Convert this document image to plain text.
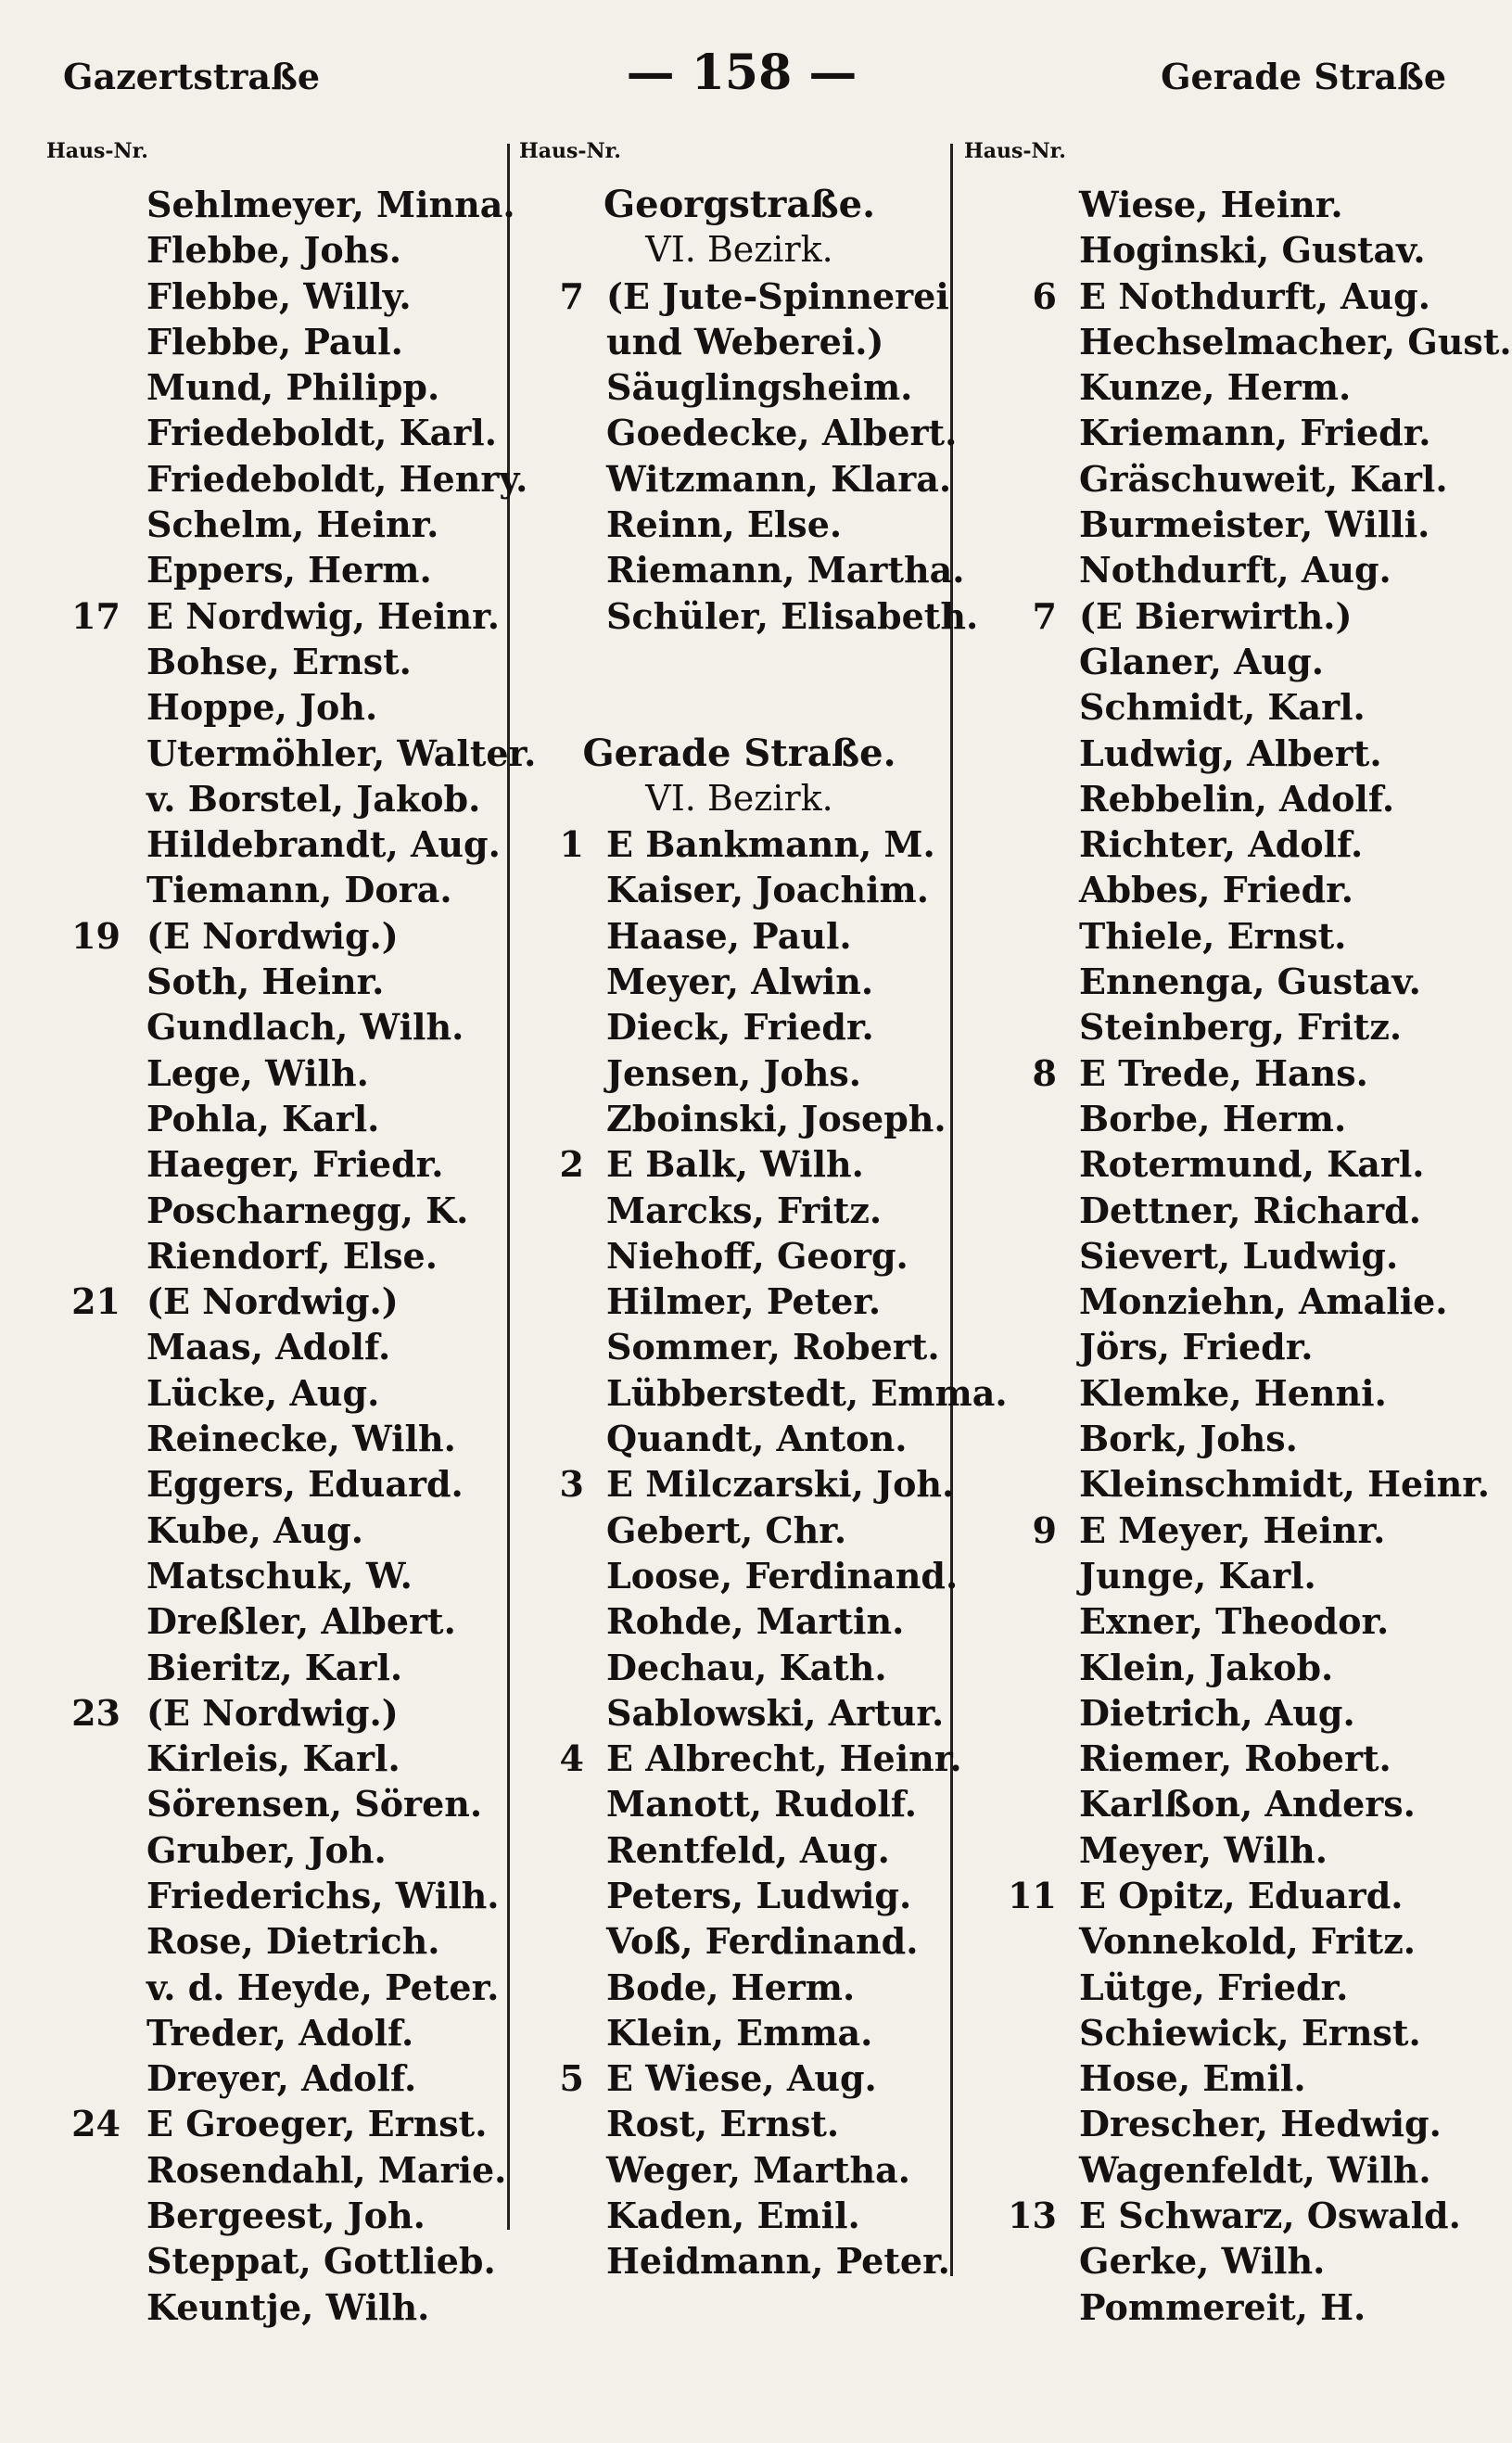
Gazertstraße	— 158 —	Gerade Straße
Haus-Nr.
Sehlmeyer, Minna.
Flebbe, Johs.
Flebbe, Willy.
Flebbe, Paul.
Mund, Philipp.
Friedeboldt, Karl.
Friedeboldt, Henry.
Schelm, Heinr.
Eppers, Herm.
17 E Nordwig, Heinr.
Bohse, Ernst.
Hoppe, Joh.
Utermöhler, Walter.
v. Borstel, Jakob.
Hildebrandt, Aug.
Tiemann, Dora.
19 (E Nordwig.)
Soth, Heinr.
Gundlach, Wilh.
Lege, Wilh.
Pohla, Karl.
Haeger, Friedr.
Poscharnegg, K.
Riendorf, Else.
21 (E Nordwig.)
Maas, Adolf.
Lücke, Aug.
Reinecke, Wilh.
Eggers, Eduard.
Kube, Aug.
Matschuk, W.
Dreßler, Albert.
Bieritz, Karl.
23 (E Nordwig.)
Kirleis, Karl.
Sörensen, Sören.
Gruber, Joh.
Friederichs, Wilh.
Rose, Dietrich.
v. d. Heyde, Peter.
Treder, Adolf.
Dreyer, Adolf.
24 E Groeger, Ernst.
Rosendahl, Marie.
Bergeest, Joh.
Steppat, Gottlieb.
Keuntje, Wilh.
Haus-Nr.
Georgstraße.
VI. Bezirk.
7 (E Jute-Spinnerei
und Weberei.)
Säuglingsheim.
Goedecke, Albert.
Witzmann, Klara.
Reinn, Else.
Riemann, Martha.
Schüler, Elisabeth.
Gerade Straße.
VI. Bezirk.
1 E Bankmann, M.
Kaiser, Joachim.
Haase, Paul.
Meyer, Alwin.
Dieck, Friedr.
Jensen, Johs.
Zboinski, Joseph.
2 E Balk, Wilh.
Marcks, Fritz.
Niehoff, Georg.
Hilmer, Peter.
Sommer, Robert.
Lübberstedt, Emma.
Quandt, Anton.
3 E Milczarski, Joh.
Gebert, Chr.
Loose, Ferdinand.
Rohde, Martin.
Dechau, Kath.
Sablowski, Artur.
4 E Albrecht, Heinr.
Manott, Rudolf.
Rentfeld, Aug.
Peters, Ludwig.
Voß, Ferdinand.
Bode, Herm.
Klein, Emma.
5 E Wiese, Aug.
Rost, Ernst.
Weger, Martha.
Kaden, Emil.
Heidmann, Peter.
Haus-Nr.
Wiese, Heinr.
Hoginski, Gustav.
6 E Nothdurft, Aug.
Hechselmacher, Gust.
Kunze, Herm.
Kriemann, Friedr.
Gräschuweit, Karl.
Burmeister, Willi.
Nothdurft, Aug.
7 (E Bierwirth.)
Glaner, Aug.
Schmidt, Karl.
Ludwig, Albert.
Rebbelin, Adolf.
Richter, Adolf.
Abbes, Friedr.
Thiele, Ernst.
Ennenga, Gustav.
Steinberg, Fritz.
8 E Trede, Hans.
Borbe, Herm.
Rotermund, Karl.
Dettner, Richard.
Sievert, Ludwig.
Monziehn, Amalie.
Jörs, Friedr.
Klemke, Henni.
Bork, Johs.
Kleinschmidt, Heinr.
9 E Meyer, Heinr.
Junge, Karl.
Exner, Theodor.
Klein, Jakob.
Dietrich, Aug.
Riemer, Robert.
Karlßon, Anders.
Meyer, Wilh.
11 E Opitz, Eduard.
Vonnekold, Fritz.
Lütge, Friedr.
Schiewick, Ernst.
Hose, Emil.
Drescher, Hedwig.
Wagenfeldt, Wilh.
13 E Schwarz, Oswald.
Gerke, Wilh.
Pommereit, H.
